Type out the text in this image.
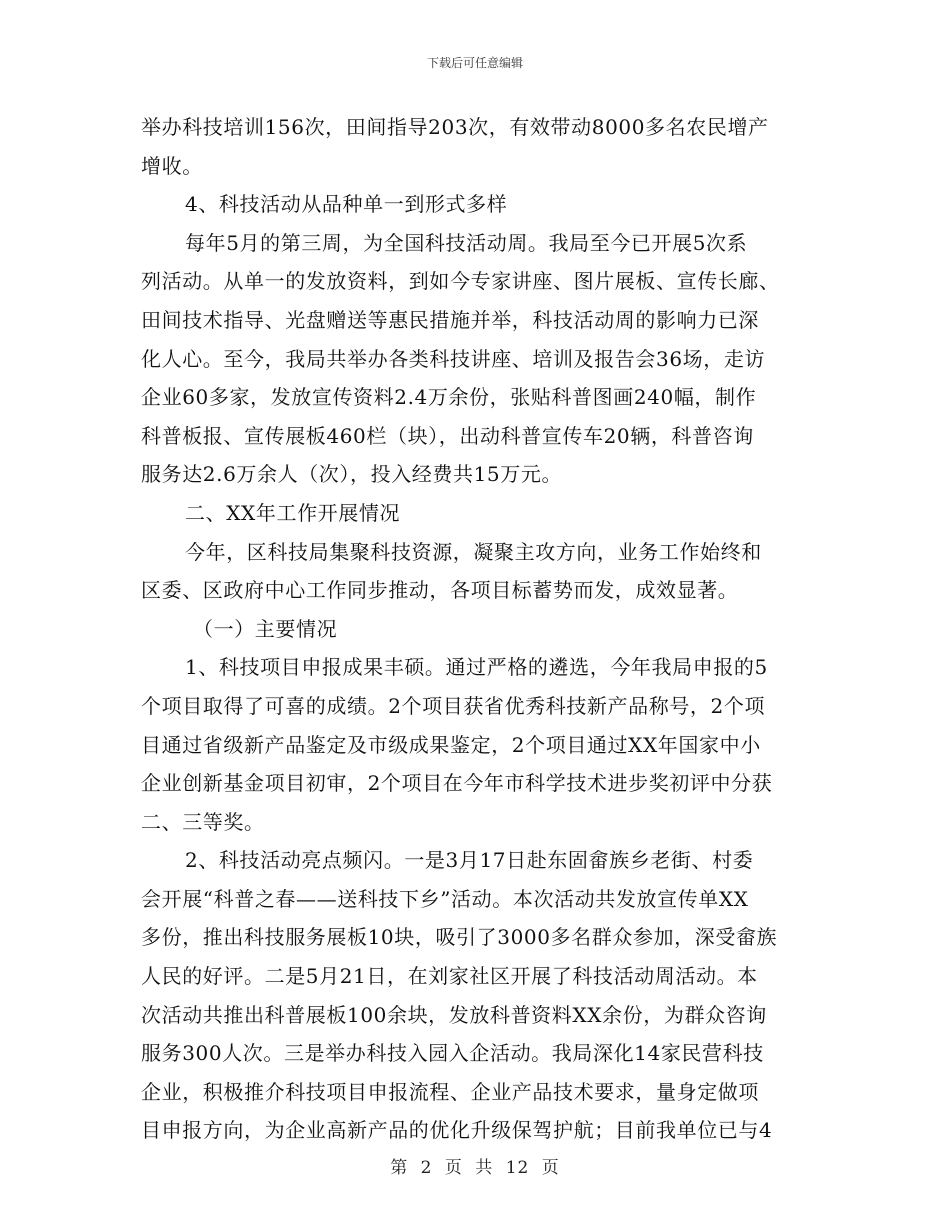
下载后可任意编辑
举办科技培训156次，田间指导203次，有效带动8000多名农民增产
增收。
4、科技活动从品种单一到形式多样
每年5月的第三周，为全国科技活动周。我局至今已开展5次系
列活动。从单一的发放资料，到如今专家讲座、图片展板、宣传长廊、
田间技术指导、光盘赠送等惠民措施并举，科技活动周的影响力已深
化人心。至今，我局共举办各类科技讲座、培训及报告会36场，走访
企业60多家，发放宣传资料2.4万余份，张贴科普图画240幅，制作
科普板报、宣传展板460栏（块），出动科普宣传车20辆，科普咨询
服务达2.6万余人（次），投入经费共15万元。
二、XX年工作开展情况
今年，区科技局集聚科技资源，凝聚主攻方向，业务工作始终和
区委、区政府中心工作同步推动，各项目标蓄势而发，成效显著。
（一）主要情况
1、科技项目申报成果丰硕。通过严格的遴选，今年我局申报的5
个项目取得了可喜的成绩。2个项目获省优秀科技新产品称号，2个项
目通过省级新产品鉴定及市级成果鉴定，2个项目通过XX年国家中小
企业创新基金项目初审，2个项目在今年市科学技术进步奖初评中分获
二、三等奖。
2、科技活动亮点频闪。一是3月17日赴东固畲族乡老街、村委
会开展“科普之春——送科技下乡”活动。本次活动共发放宣传单XX
多份，推出科技服务展板10块，吸引了3000多名群众参加，深受畲族
人民的好评。二是5月21日，在刘家社区开展了科技活动周活动。本
次活动共推出科普展板100余块，发放科普资料XX余份，为群众咨询
服务300人次。三是举办科技入园入企活动。我局深化14家民营科技
企业，积极推介科技项目申报流程、企业产品技术要求，量身定做项
目申报方向，为企业高新产品的优化升级保驾护航；目前我单位已与4
第 2 页 共 12 页
